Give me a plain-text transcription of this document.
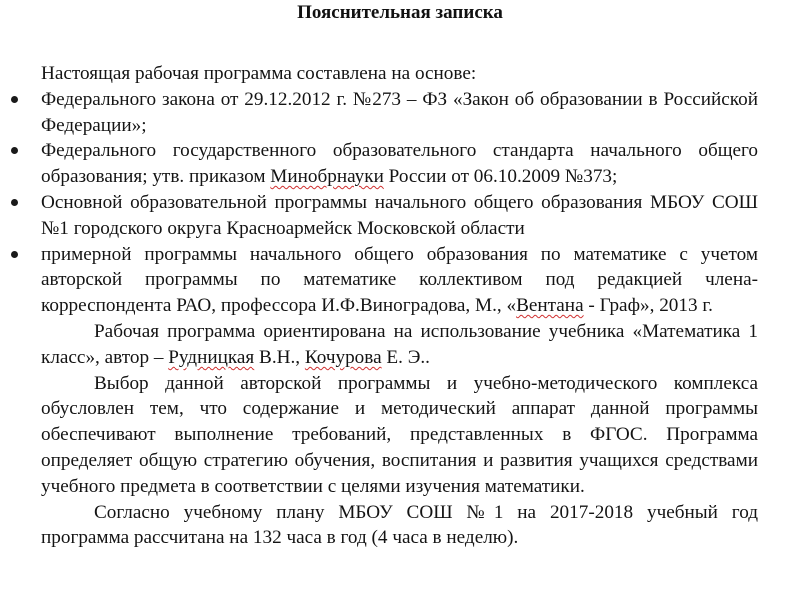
Пояснительная записка

Настоящая рабочая программа составлена на основе:

Федерального закона от 29.12.2012 г. №273 – ФЗ «Закон об образовании в Российской Федерации»;
Федерального государственного образовательного стандарта начального общего образования; утв. приказом Минобрнауки России от 06.10.2009 №373;
Основной образовательной программы начального общего образования МБОУ СОШ №1 городского округа Красноармейск Московской области
примерной программы начального общего образования по математике с учетом авторской программы по математике коллективом под редакцией члена-корреспондента РАО, профессора И.Ф.Виноградова, М., «Вентана - Граф», 2013 г.

Рабочая программа ориентирована на использование учебника «Математика 1 класс», автор – Рудницкая В.Н., Кочурова Е. Э..

Выбор данной авторской программы и учебно-методического комплекса обусловлен тем, что содержание и методический аппарат данной программы обеспечивают выполнение требований, представленных в ФГОС. Программа определяет общую стратегию обучения, воспитания и развития учащихся средствами учебного предмета в соответствии с целями изучения математики.

Согласно учебному плану МБОУ СОШ №1 на 2017-2018 учебный год программа рассчитана на 132 часа в год (4 часа в неделю).
